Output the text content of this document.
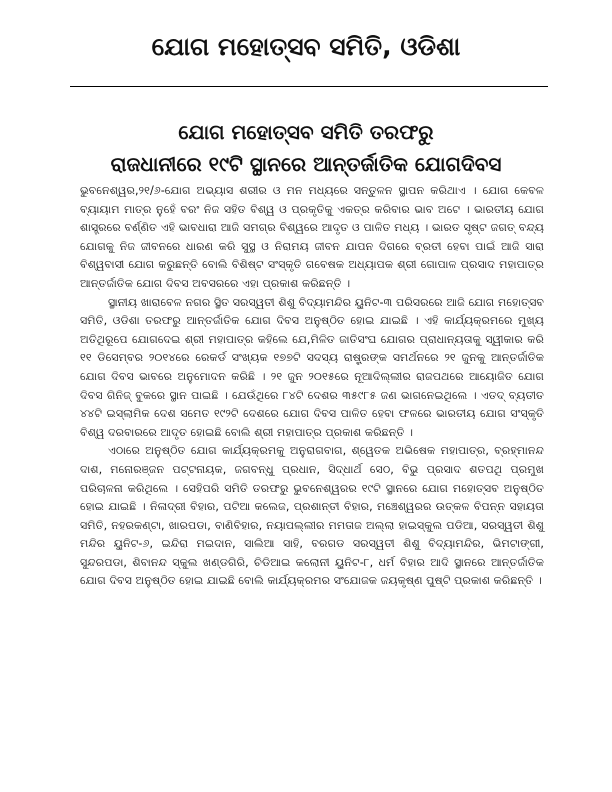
ଯୋଗ ମହୋତ୍ସବ ସମିତି, ଓଡିଶା
ଯୋଗ ମହୋତ୍ସବ ସମିତି ତରଫରୁ
ରାଜଧାନୀରେ ୧୯ଟି ସ୍ଥାନରେ ଆନ୍ତର୍ଜାତିକ ଯୋଗଦିବସ

ଭୁବନେଶ୍ୱର,୨୧/୬-ଯୋଗ ଅଭ୍ୟାସ ଶରୀର ଓ ମନ ମଧ୍ୟରେ ସନ୍ତୁଳନ ସ୍ଥାପନ କରିଥାଏ । ଯୋଗ କେବଳ ବ୍ୟାୟାମ ମାତ୍ର ନୁହେଁ ବରଂ ନିଜ ସହିତ ବିଶ୍ୱ ଓ ପ୍ରକୃତିକୁ ଏକତ୍ର କରିବାର ଭାବ ଅଟେ । ଭାରତୀୟ ଯୋଗ ଶାସ୍ତ୍ରରେ ବର୍ଣ୍ଣିତ ଏହି ଭାବଧାରା ଆଜି ସମଗ୍ର ବିଶ୍ୱରେ ଆଦୃତ ଓ ପାଳିତ ମଧ୍ୟ । ଭାରତ ସୃଷ୍ଟ ଜଗତ୍ ବନ୍ଦ୍ୟ ଯୋଗକୁ ନିଜ ଜୀବନରେ ଧାରଣ କରି ସୁସ୍ଥ ଓ ନିରାମୟ ଜୀବନ ଯାପନ ଦିଗରେ ବ୍ରତୀ ହେବା ପାଇଁ ଆଜି ସାରା ବିଶ୍ୱବାସୀ ଯୋଗ କରୁଛନ୍ତି ବୋଲି ବିଶିଷ୍ଟ ସଂସ୍କୃତି ଗବେଷକ ଅଧ୍ୟାପକ ଶ୍ରୀ ଗୋପାଳ ପ୍ରସାଦ ମହାପାତ୍ର ଆନ୍ତର୍ଜାତିକ ଯୋଗ ଦିବସ ଅବସରରେ ଏହା ପ୍ରକାଶ କରିଛନ୍ତି ।

ସ୍ଥାନୀୟ ଖାରାବେଳ ନଗର ସ୍ଥିତ ସରସ୍ୱତୀ ଶିଶୁ ବିଦ୍ୟାମନ୍ଦିର ୟୁନିଟ-୩ ପରିସରରେ ଆଜି ଯୋଗ ମହୋତ୍ସବ ସମିତି, ଓଡିଶା ତରଫରୁ ଆନ୍ତର୍ଜାତିକ ଯୋଗ ଦିବସ ଅନୁଷ୍ଠିତ ହୋଇ ଯାଇଛି । ଏହି କାର୍ଯ୍ୟକ୍ରମରେ ମୁଖ୍ୟ ଅତିଥିରୂପେ ଯୋଗଦେଇ ଶ୍ରୀ ମହାପାତ୍ର କହିଲେ ଯେ,ମିଳିତ ଜାତିସଂଘ ଯୋଗର ପ୍ରାଧାନ୍ୟତାକୁ ସ୍ୱୀକାର କରି ୧୧ ଡିସେମ୍ବର ୨୦୧୪ରେ ରେକର୍ଡ ସଂଖ୍ୟକ ୧୭୭ଟି ସଦସ୍ୟ ରାଷ୍ଟ୍ରଙ୍କ ସମର୍ଥନରେ ୨୧ ଜୁନକୁ ଆନ୍ତର୍ଜାତିକ ଯୋଗ ଦିବସ ଭାବରେ ଅନୁମୋଦନ କରିଛି । ୨୧ ଜୁନ ୨୦୧୫ରେ ନୂଆଦିଲ୍ଲୀର ରାଜପଥରେ ଆୟୋଜିତ ଯୋଗ ଦିବସ ଗିନିଜ୍ ବୁକରେ ସ୍ଥାନ ପାଇଛି । ଯେଉଁଥିରେ ୮୪ଟି ଦେଶର ୩୫୯୮୫ ଜଣ ଭାଗନେଇଥିଲେ । ଏତଦ୍ ବ୍ୟତୀତ ୪୪ଟି ଇସ୍ଲାମିକ ଦେଶ ସମେତ ୧୯୨ଟି ଦେଶରେ ଯୋଗ ଦିବସ ପାଳିତ ହେବା ଫଳରେ ଭାରତୀୟ ଯୋଗ ସଂସ୍କୃତି ବିଶ୍ୱ ଦରବାରରେ ଆଦୃତ ହୋଇଛି ବୋଲି ଶ୍ରୀ ମହାପାତ୍ର ପ୍ରକାଶ କରିଛନ୍ତି ।

ଏଠାରେ ଅନୁଷ୍ଠିତ ଯୋଗ କାର୍ଯ୍ୟକ୍ରମକୁ ଅନୁରାଗବାଗ, ଶ୍ୱେତକ ଅଭିଷେକ ମହାପାତ୍ର, ବ୍ରହ୍ମାନନ୍ଦ ଦାଶ, ମନୋରଞ୍ଜନ ପଟ୍ଟନାୟକ, ଜଗବନ୍ଧୁ ପ୍ରଧାନ, ସିଦ୍ଧାର୍ଥ ସେଠ, ବିଭୁ ପ୍ରସାଦ ଶତପଥି ପ୍ରମୁଖ ପରିଚାଳନା କରିଥିଲେ । ସେହିପରି ସମିତି ତରଫରୁ ଭୁବନେଶ୍ୱରର ୧୯ଟି ସ୍ଥାନରେ ଯୋଗ ମହୋତ୍ସବ ଅନୁଷ୍ଠିତ ହୋଇ ଯାଇଛି । ନିଳାଦ୍ରୀ ବିହାର, ପଟିଆ କଲେଜ, ପ୍ରଶାନ୍ତୀ ବିହାର, ମଞ୍ଚେଶ୍ୱରର ଉତ୍କଳ ବିପନ୍ନ ସହାୟତା ସମିତି, ନହରକଣ୍ଟା, ଖାରପଡା, ବାଣିବିହାର, ନୟାପଲ୍ଲୀର ମମତାଜ ଅଲ୍ଲା ହାଇସ୍କୁଲ ପଡିଆ, ସରସ୍ୱତୀ ଶିଶୁ ମନ୍ଦିର ୟୁନିଟ-୬, ଇନ୍ଦିରା ମଇଦାନ, ସାଲିଆ ସାହି, ବରଗଡ ସରସ୍ୱତୀ ଶିଶୁ ବିଦ୍ୟାମନ୍ଦିର, ଭିମଟାଙ୍ଗୀ, ସୁନ୍ଦରପଡା, ଶିବାନନ୍ଦ ସ୍କୁଲ ଖଣ୍ଡଗିରି, ଚିଡିଆଇ କଲୋନୀ ୟୁନିଟ-୮, ଧର୍ମ ବିହାର ଆଦି ସ୍ଥାନରେ ଆନ୍ତର୍ଜାତିକ ଯୋଗ ଦିବସ ଅନୁଷ୍ଠିତ ହୋଇ ଯାଇଛି ବୋଲି କାର୍ଯ୍ୟକ୍ରମର ସଂଯୋଜକ ଜୟକୃଷ୍ଣ ପୁଷ୍ଟି ପ୍ରକାଶ କରିଛନ୍ତି ।
